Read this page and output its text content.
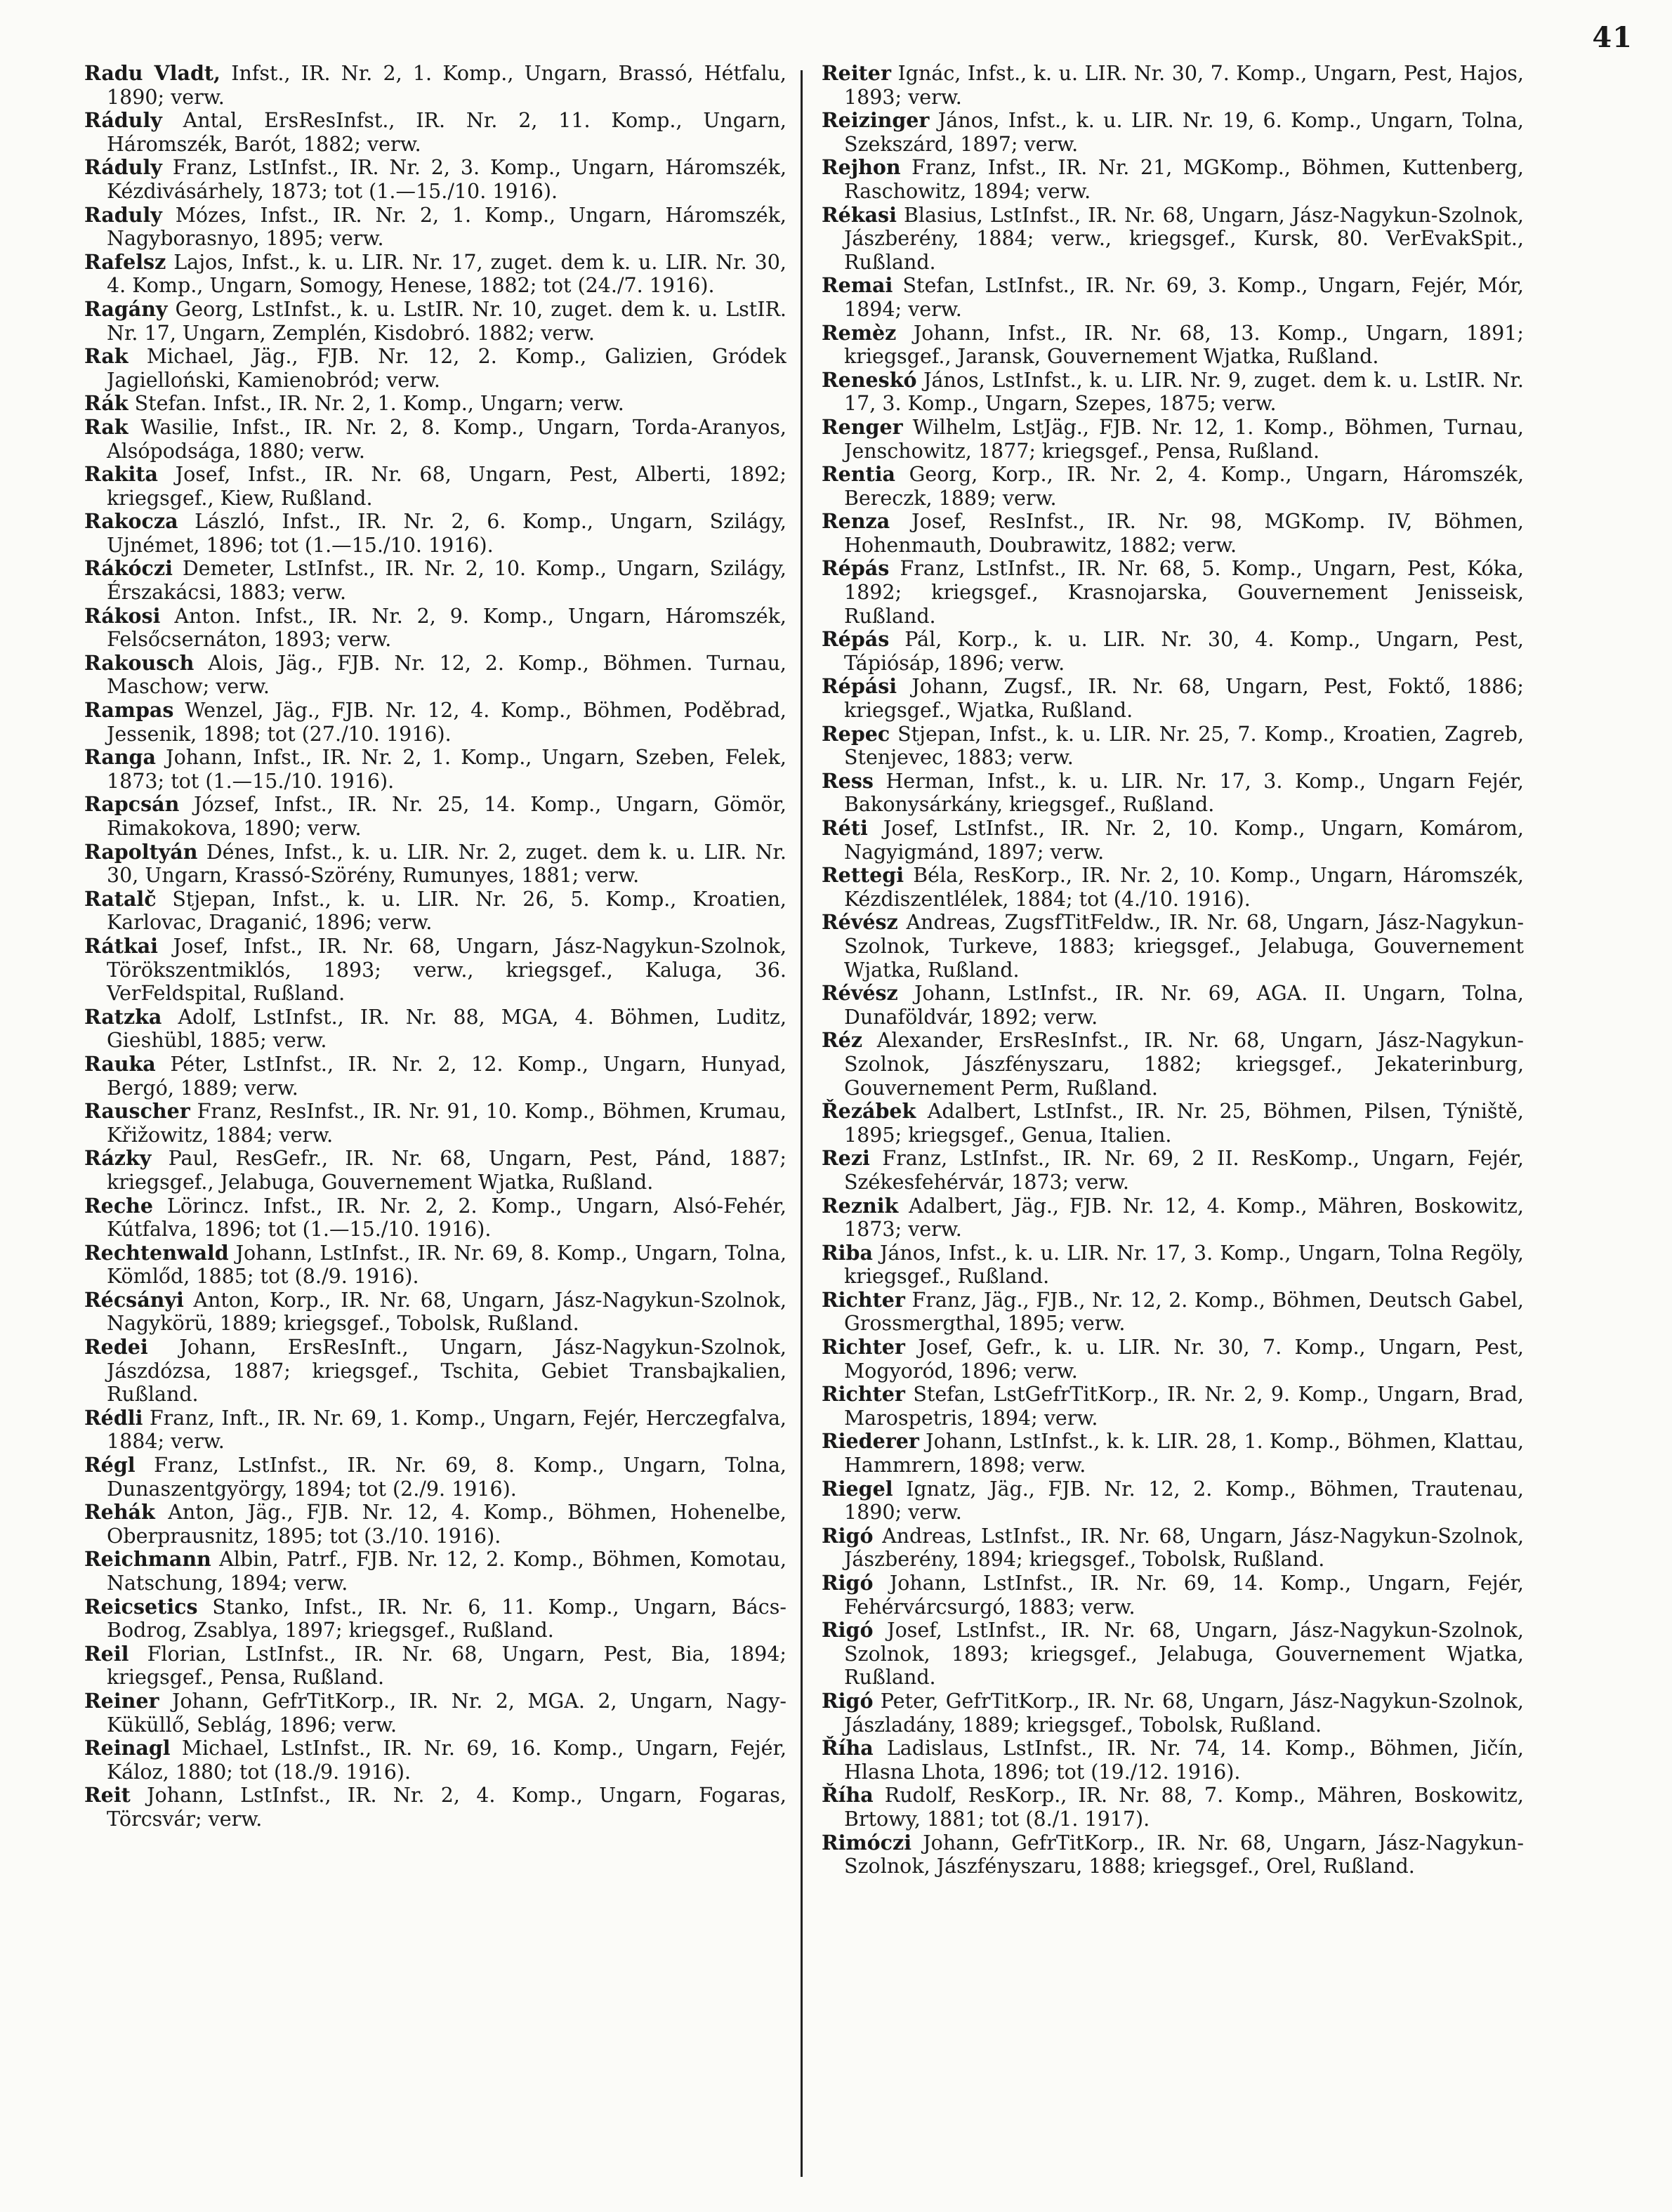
41

Radu Vladt, Infst., IR. Nr. 2, 1. Komp., Ungarn, Brassó, Hétfalu, 1890; verw.

Ráduly Antal, ErsResInfst., IR. Nr. 2, 11. Komp., Ungarn, Háromszék, Barót, 1882; verw.

Ráduly Franz, LstInfst., IR. Nr. 2, 3. Komp., Ungarn, Háromszék, Kézdivásárhely, 1873; tot (1.—15./10. 1916).

Raduly Mózes, Infst., IR. Nr. 2, 1. Komp., Ungarn, Háromszék, Nagyborasnyo, 1895; verw.

Rafelsz Lajos, Infst., k. u. LIR. Nr. 17, zuget. dem k. u. LIR. Nr. 30, 4. Komp., Ungarn, Somogy, Henese, 1882; tot (24./7. 1916).

Ragány Georg, LstInfst., k. u. LstIR. Nr. 10, zuget. dem k. u. LstIR. Nr. 17, Ungarn, Zemplén, Kisdobró. 1882; verw.

Rak Michael, Jäg., FJB. Nr. 12, 2. Komp., Galizien, Gródek Jagielloński, Kamienobród; verw.

Rák Stefan. Infst., IR. Nr. 2, 1. Komp., Ungarn; verw.

Rak Wasilie, Infst., IR. Nr. 2, 8. Komp., Ungarn, Torda-Aranyos, Alsópodsága, 1880; verw.

Rakita Josef, Infst., IR. Nr. 68, Ungarn, Pest, Alberti, 1892; kriegsgef., Kiew, Rußland.

Rakocza László, Infst., IR. Nr. 2, 6. Komp., Ungarn, Szilágy, Ujnémet, 1896; tot (1.—15./10. 1916).

Rákóczi Demeter, LstInfst., IR. Nr. 2, 10. Komp., Ungarn, Szilágy, Érszakácsi, 1883; verw.

Rákosi Anton. Infst., IR. Nr. 2, 9. Komp., Ungarn, Háromszék, Felsőcsernáton, 1893; verw.

Rakousch Alois, Jäg., FJB. Nr. 12, 2. Komp., Böhmen. Turnau, Maschow; verw.

Rampas Wenzel, Jäg., FJB. Nr. 12, 4. Komp., Böhmen, Poděbrad, Jessenik, 1898; tot (27./10. 1916).

Ranga Johann, Infst., IR. Nr. 2, 1. Komp., Ungarn, Szeben, Felek, 1873; tot (1.—15./10. 1916).

Rapcsán József, Infst., IR. Nr. 25, 14. Komp., Ungarn, Gömör, Rimakokova, 1890; verw.

Rapoltyán Dénes, Infst., k. u. LIR. Nr. 2, zuget. dem k. u. LIR. Nr. 30, Ungarn, Krassó-Szörény, Rumunyes, 1881; verw.

Ratalč Stjepan, Infst., k. u. LIR. Nr. 26, 5. Komp., Kroatien, Karlovac, Draganić, 1896; verw.

Rátkai Josef, Infst., IR. Nr. 68, Ungarn, Jász-Nagykun-Szolnok, Törökszentmiklós, 1893; verw., kriegsgef., Kaluga, 36. VerFeldspital, Rußland.

Ratzka Adolf, LstInfst., IR. Nr. 88, MGA, 4. Böhmen, Luditz, Gieshübl, 1885; verw.

Rauka Péter, LstInfst., IR. Nr. 2, 12. Komp., Ungarn, Hunyad, Bergó, 1889; verw.

Rauscher Franz, ResInfst., IR. Nr. 91, 10. Komp., Böhmen, Krumau, Křižowitz, 1884; verw.

Rázky Paul, ResGefr., IR. Nr. 68, Ungarn, Pest, Pánd, 1887; kriegsgef., Jelabuga, Gouvernement Wjatka, Rußland.

Reche Lörincz. Infst., IR. Nr. 2, 2. Komp., Ungarn, Alsó-Fehér, Kútfalva, 1896; tot (1.—15./10. 1916).

Rechtenwald Johann, LstInfst., IR. Nr. 69, 8. Komp., Ungarn, Tolna, Kömlőd, 1885; tot (8./9. 1916).

Récsányi Anton, Korp., IR. Nr. 68, Ungarn, Jász-Nagykun-Szolnok, Nagykörü, 1889; kriegsgef., Tobolsk, Rußland.

Redei Johann, ErsResInft., Ungarn, Jász-Nagykun-Szolnok, Jászdózsa, 1887; kriegsgef., Tschita, Gebiet Transbajkalien, Rußland.

Rédli Franz, Inft., IR. Nr. 69, 1. Komp., Ungarn, Fejér, Herczegfalva, 1884; verw.

Régl Franz, LstInfst., IR. Nr. 69, 8. Komp., Ungarn, Tolna, Dunaszentgyörgy, 1894; tot (2./9. 1916).

Rehák Anton, Jäg., FJB. Nr. 12, 4. Komp., Böhmen, Hohenelbe, Oberprausnitz, 1895; tot (3./10. 1916).

Reichmann Albin, Patrf., FJB. Nr. 12, 2. Komp., Böhmen, Komotau, Natschung, 1894; verw.

Reicsetics Stanko, Infst., IR. Nr. 6, 11. Komp., Ungarn, Bács-Bodrog, Zsablya, 1897; kriegsgef., Rußland.

Reil Florian, LstInfst., IR. Nr. 68, Ungarn, Pest, Bia, 1894; kriegsgef., Pensa, Rußland.

Reiner Johann, GefrTitKorp., IR. Nr. 2, MGA. 2, Ungarn, Nagy-Küküllő, Seblág, 1896; verw.

Reinagl Michael, LstInfst., IR. Nr. 69, 16. Komp., Ungarn, Fejér, Káloz, 1880; tot (18./9. 1916).

Reit Johann, LstInfst., IR. Nr. 2, 4. Komp., Ungarn, Fogaras, Törcsvár; verw.

Reiter Ignác, Infst., k. u. LIR. Nr. 30, 7. Komp., Ungarn, Pest, Hajos, 1893; verw.

Reizinger János, Infst., k. u. LIR. Nr. 19, 6. Komp., Ungarn, Tolna, Szekszárd, 1897; verw.

Rejhon Franz, Infst., IR. Nr. 21, MGKomp., Böhmen, Kuttenberg, Raschowitz, 1894; verw.

Rékasi Blasius, LstInfst., IR. Nr. 68, Ungarn, Jász-Nagykun-Szolnok, Jászberény, 1884; verw., kriegsgef., Kursk, 80. VerEvakSpit., Rußland.

Remai Stefan, LstInfst., IR. Nr. 69, 3. Komp., Ungarn, Fejér, Mór, 1894; verw.

Remèz Johann, Infst., IR. Nr. 68, 13. Komp., Ungarn, 1891; kriegsgef., Jaransk, Gouvernement Wjatka, Rußland.

Reneskó János, LstInfst., k. u. LIR. Nr. 9, zuget. dem k. u. LstIR. Nr. 17, 3. Komp., Ungarn, Szepes, 1875; verw.

Renger Wilhelm, LstJäg., FJB. Nr. 12, 1. Komp., Böhmen, Turnau, Jenschowitz, 1877; kriegsgef., Pensa, Rußland.

Rentia Georg, Korp., IR. Nr. 2, 4. Komp., Ungarn, Háromszék, Bereczk, 1889; verw.

Renza Josef, ResInfst., IR. Nr. 98, MGKomp. IV, Böhmen, Hohenmauth, Doubrawitz, 1882; verw.

Répás Franz, LstInfst., IR. Nr. 68, 5. Komp., Ungarn, Pest, Kóka, 1892; kriegsgef., Krasnojarska, Gouvernement Jenisseisk, Rußland.

Répás Pál, Korp., k. u. LIR. Nr. 30, 4. Komp., Ungarn, Pest, Tápiósáp, 1896; verw.

Répási Johann, Zugsf., IR. Nr. 68, Ungarn, Pest, Foktő, 1886; kriegsgef., Wjatka, Rußland.

Repec Stjepan, Infst., k. u. LIR. Nr. 25, 7. Komp., Kroatien, Zagreb, Stenjevec, 1883; verw.

Ress Herman, Infst., k. u. LIR. Nr. 17, 3. Komp., Ungarn Fejér, Bakonysárkány, kriegsgef., Rußland.

Réti Josef, LstInfst., IR. Nr. 2, 10. Komp., Ungarn, Komárom, Nagyigmánd, 1897; verw.

Rettegi Béla, ResKorp., IR. Nr. 2, 10. Komp., Ungarn, Háromszék, Kézdiszentlélek, 1884; tot (4./10. 1916).

Révész Andreas, ZugsfTitFeldw., IR. Nr. 68, Ungarn, Jász-Nagykun-Szolnok, Turkeve, 1883; kriegsgef., Jelabuga, Gouvernement Wjatka, Rußland.

Révész Johann, LstInfst., IR. Nr. 69, AGA. II. Ungarn, Tolna, Dunaföldvár, 1892; verw.

Réz Alexander, ErsResInfst., IR. Nr. 68, Ungarn, Jász-Nagykun-Szolnok, Jászfényszaru, 1882; kriegsgef., Jekaterinburg, Gouvernement Perm, Rußland.

Řezábek Adalbert, LstInfst., IR. Nr. 25, Böhmen, Pilsen, Týniště, 1895; kriegsgef., Genua, Italien.

Rezi Franz, LstInfst., IR. Nr. 69, 2 II. ResKomp., Ungarn, Fejér, Székesfehérvár, 1873; verw.

Reznik Adalbert, Jäg., FJB. Nr. 12, 4. Komp., Mähren, Boskowitz, 1873; verw.

Riba János, Infst., k. u. LIR. Nr. 17, 3. Komp., Ungarn, Tolna Regöly, kriegsgef., Rußland.

Richter Franz, Jäg., FJB., Nr. 12, 2. Komp., Böhmen, Deutsch Gabel, Grossmergthal, 1895; verw.

Richter Josef, Gefr., k. u. LIR. Nr. 30, 7. Komp., Ungarn, Pest, Mogyoród, 1896; verw.

Richter Stefan, LstGefrTitKorp., IR. Nr. 2, 9. Komp., Ungarn, Brad, Marospetris, 1894; verw.

Riederer Johann, LstInfst., k. k. LIR. 28, 1. Komp., Böhmen, Klattau, Hammrern, 1898; verw.

Riegel Ignatz, Jäg., FJB. Nr. 12, 2. Komp., Böhmen, Trautenau, 1890; verw.

Rigó Andreas, LstInfst., IR. Nr. 68, Ungarn, Jász-Nagykun-Szolnok, Jászberény, 1894; kriegsgef., Tobolsk, Rußland.

Rigó Johann, LstInfst., IR. Nr. 69, 14. Komp., Ungarn, Fejér, Fehérvárcsurgó, 1883; verw.

Rigó Josef, LstInfst., IR. Nr. 68, Ungarn, Jász-Nagykun-Szolnok, Szolnok, 1893; kriegsgef., Jelabuga, Gouvernement Wjatka, Rußland.

Rigó Peter, GefrTitKorp., IR. Nr. 68, Ungarn, Jász-Nagykun-Szolnok, Jászladány, 1889; kriegsgef., Tobolsk, Rußland.

Říha Ladislaus, LstInfst., IR. Nr. 74, 14. Komp., Böhmen, Jičín, Hlasna Lhota, 1896; tot (19./12. 1916).

Říha Rudolf, ResKorp., IR. Nr. 88, 7. Komp., Mähren, Boskowitz, Brtowy, 1881; tot (8./1. 1917).

Rimóczi Johann, GefrTitKorp., IR. Nr. 68, Ungarn, Jász-Nagykun-Szolnok, Jászfényszaru, 1888; kriegsgef., Orel, Rußland.
